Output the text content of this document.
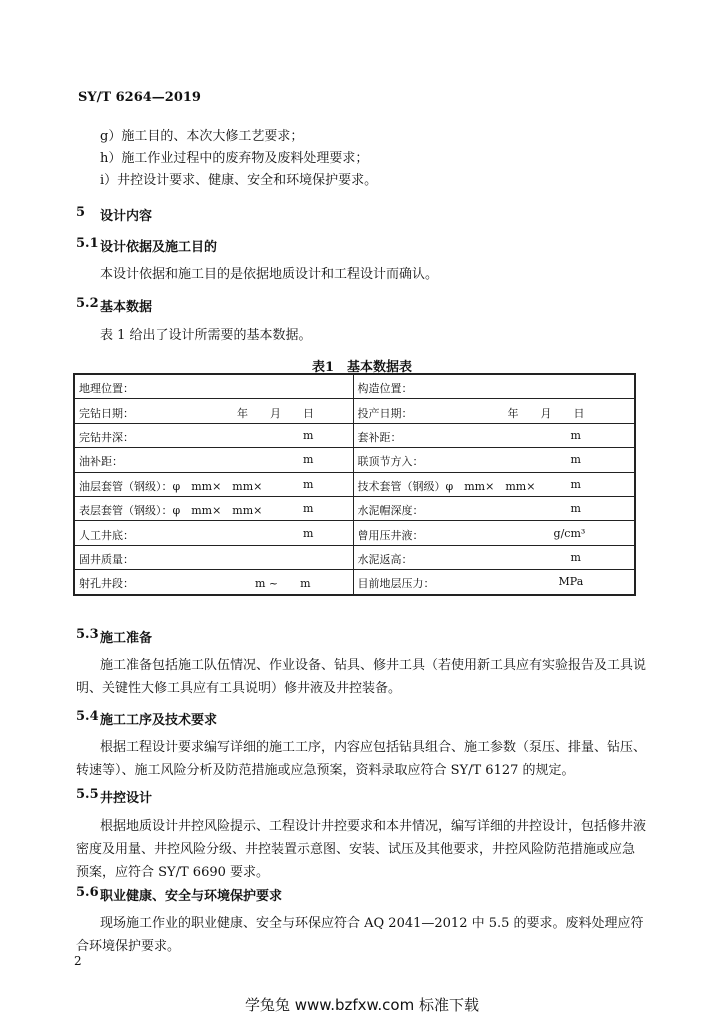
SY/T 6264—2019
g）施工目的、本次大修工艺要求；
h）施工作业过程中的废弃物及废料处理要求；
i）井控设计要求、健康、安全和环境保护要求。
5 设计内容
5.1 设计依据及施工目的
本设计依据和施工目的是依据地质设计和工程设计而确认。
5.2 基本数据
表 1 给出了设计所需要的基本数据。
表1　基本数据表
地理位置：	构造位置：

完钻日期： 年　　月　　日	投产日期： 年　　月　　日

完钻井深： m	套补距： m

油补距： m	联顶节方入： m

油层套管（钢级）：φ　mm×　mm× m	技术套管（钢级）φ　mm×　mm× m

表层套管（钢级）：φ　mm×　mm× m	水泥帽深度： m

人工井底： m	曾用压井液： g/cm³

固井质量：	水泥返高： m

射孔井段： m ~　　m	目前地层压力： MPa
5.3 施工准备
施工准备包括施工队伍情况、作业设备、钻具、修井工具（若使用新工具应有实验报告及工具说明、关键性大修工具应有工具说明）修井液及井控装备。
5.4 施工工序及技术要求
根据工程设计要求编写详细的施工工序，内容应包括钻具组合、施工参数（泵压、排量、钻压、转速等）、施工风险分析及防范措施或应急预案，资料录取应符合 SY/T 6127 的规定。
5.5 井控设计
根据地质设计井控风险提示、工程设计井控要求和本井情况，编写详细的井控设计，包括修井液密度及用量、井控风险分级、井控装置示意图、安装、试压及其他要求，井控风险防范措施或应急预案，应符合 SY/T 6690 要求。
5.6 职业健康、安全与环境保护要求
现场施工作业的职业健康、安全与环保应符合 AQ 2041—2012 中 5.5 的要求。废料处理应符合环境保护要求。
2
学兔兔 www.bzfxw.com 标准下载
